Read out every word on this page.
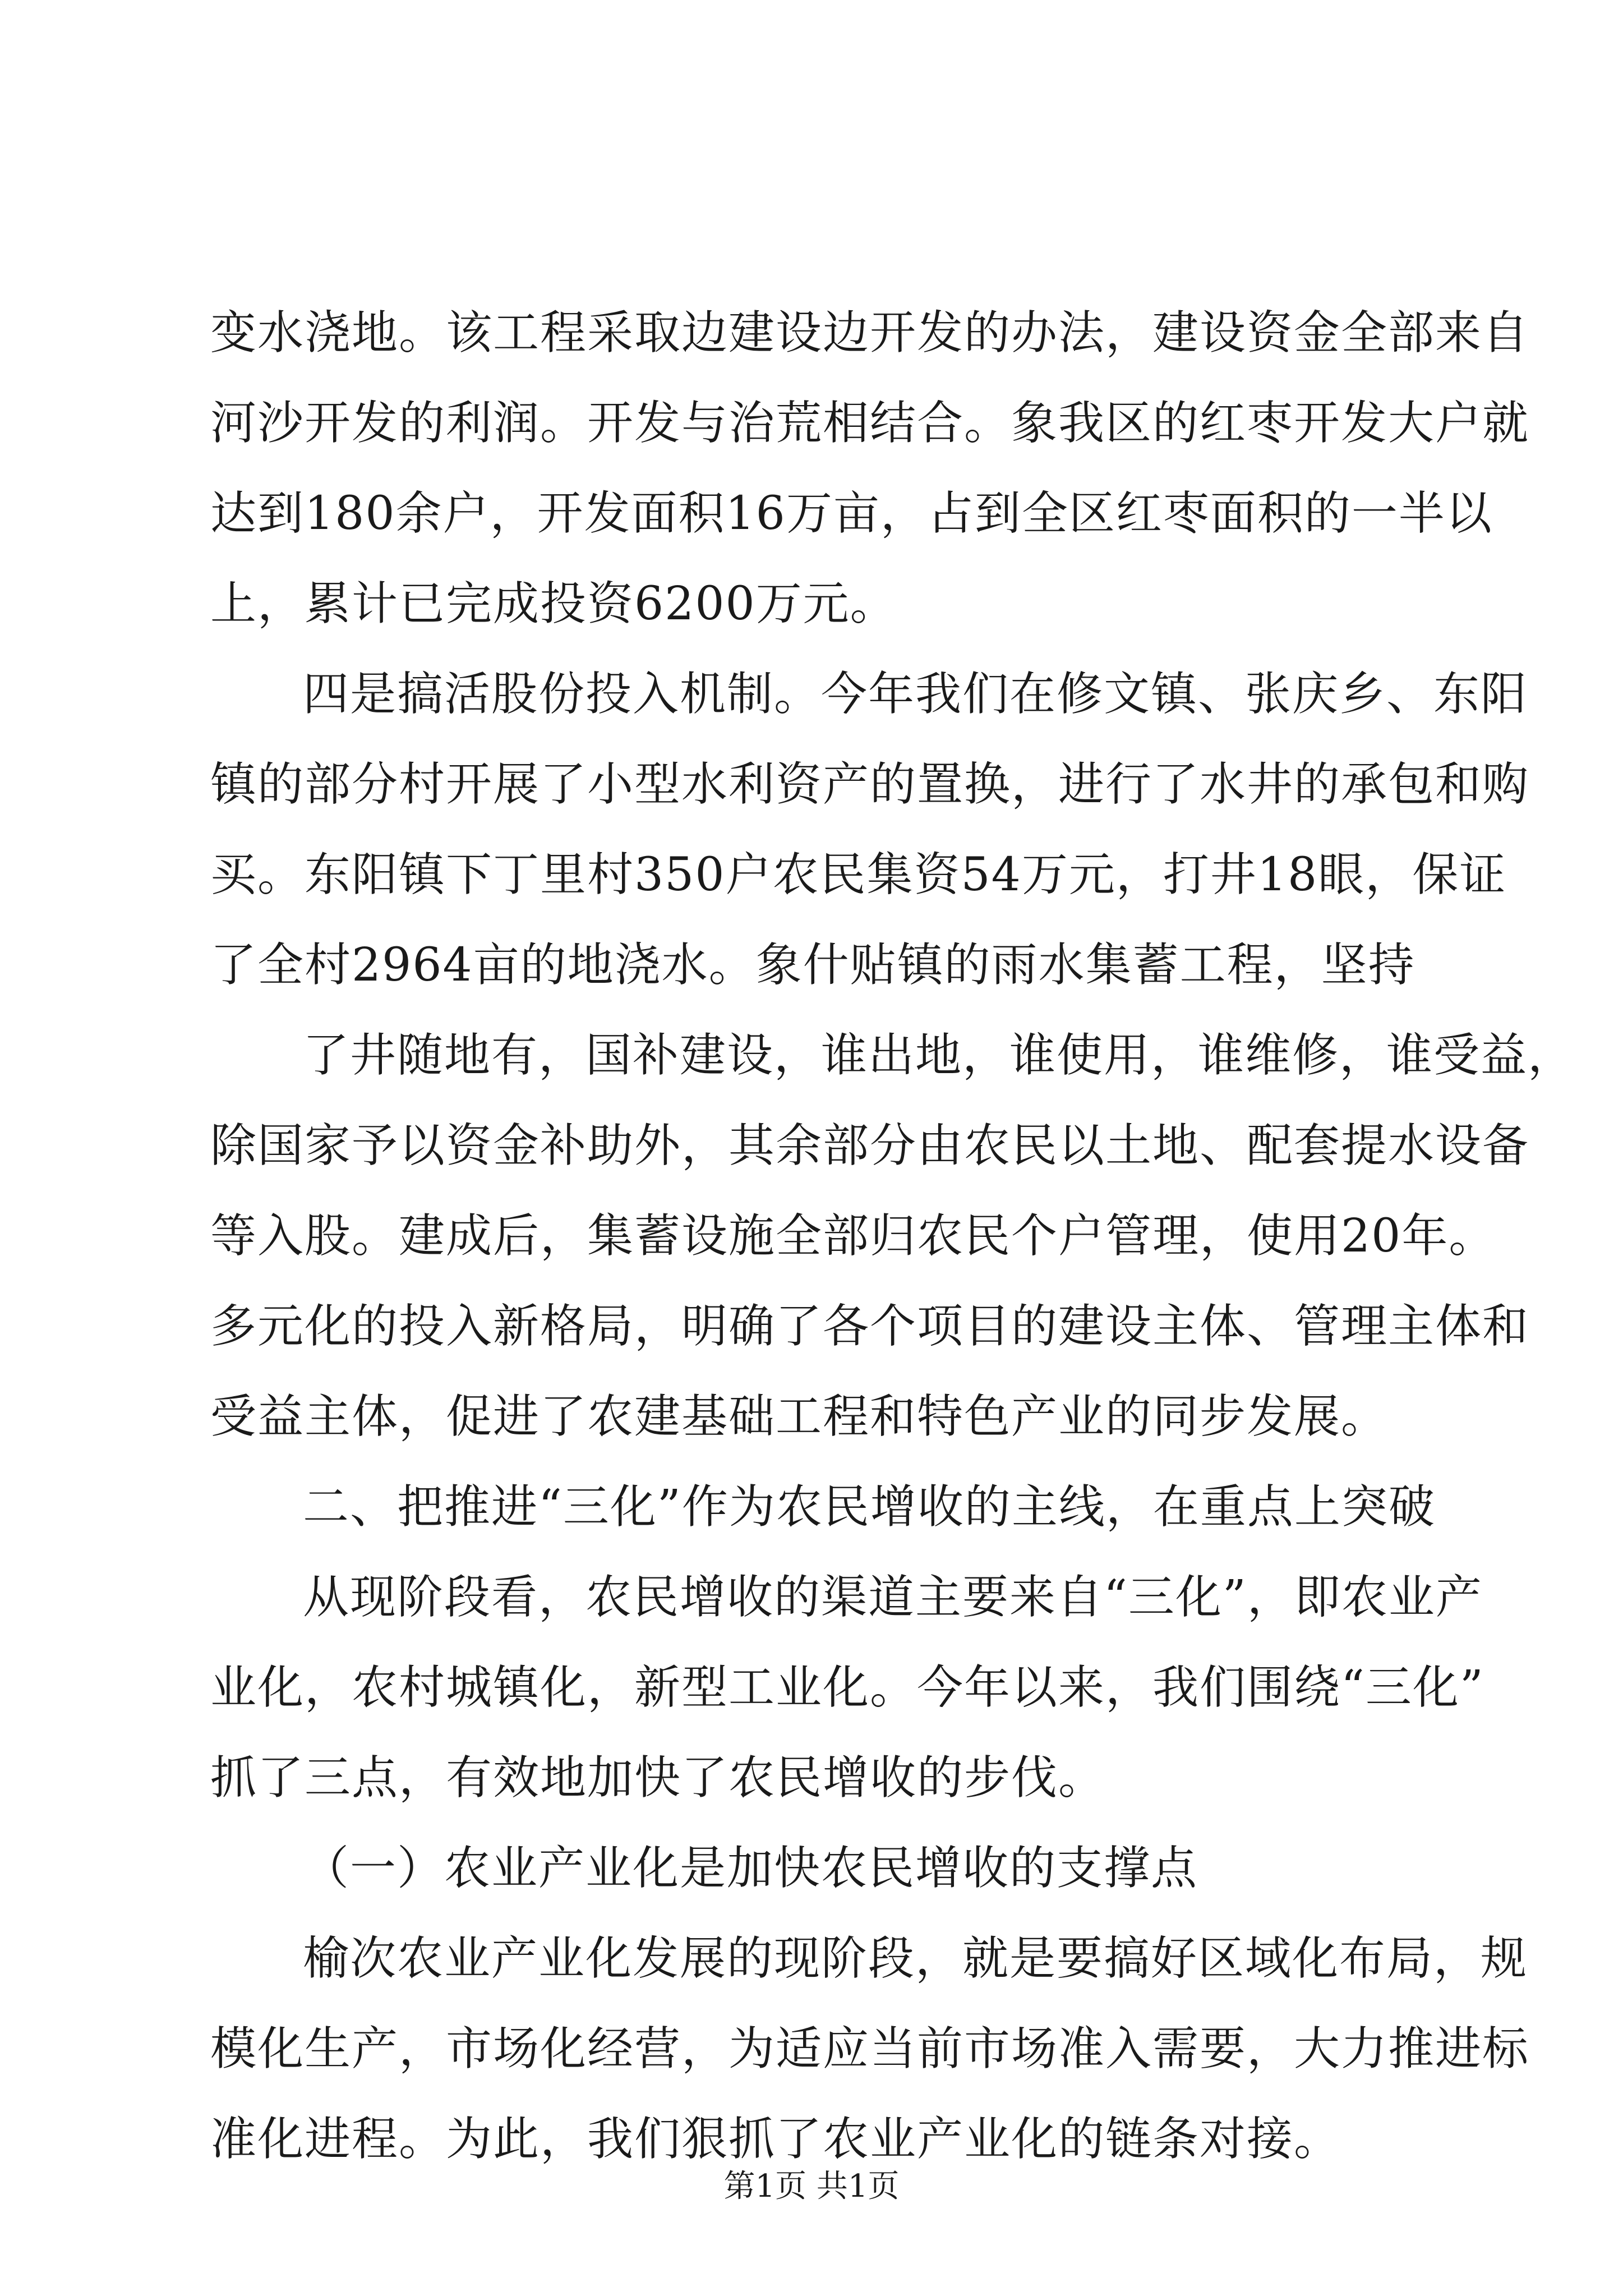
变水浇地。该工程采取边建设边开发的办法，建设资金全部来自
河沙开发的利润。开发与治荒相结合。象我区的红枣开发大户就
达到180余户，开发面积16万亩，占到全区红枣面积的一半以
上，累计已完成投资6200万元。
四是搞活股份投入机制。今年我们在修文镇、张庆乡、东阳
镇的部分村开展了小型水利资产的置换，进行了水井的承包和购
买。东阳镇下丁里村350户农民集资54万元，打井18眼，保证
了全村2964亩的地浇水。象什贴镇的雨水集蓄工程，坚持
了井随地有，国补建设，谁出地，谁使用，谁维修，谁受益，
除国家予以资金补助外，其余部分由农民以土地、配套提水设备
等入股。建成后，集蓄设施全部归农民个户管理，使用20年。
多元化的投入新格局，明确了各个项目的建设主体、管理主体和
受益主体，促进了农建基础工程和特色产业的同步发展。
二、把推进“三化”作为农民增收的主线，在重点上突破
从现阶段看，农民增收的渠道主要来自“三化”，即农业产
业化，农村城镇化，新型工业化。今年以来，我们围绕“三化”
抓了三点，有效地加快了农民增收的步伐。
（一）农业产业化是加快农民增收的支撑点
榆次农业产业化发展的现阶段，就是要搞好区域化布局，规
模化生产，市场化经营，为适应当前市场准入需要，大力推进标
准化进程。为此，我们狠抓了农业产业化的链条对接。
第1页 共1页
